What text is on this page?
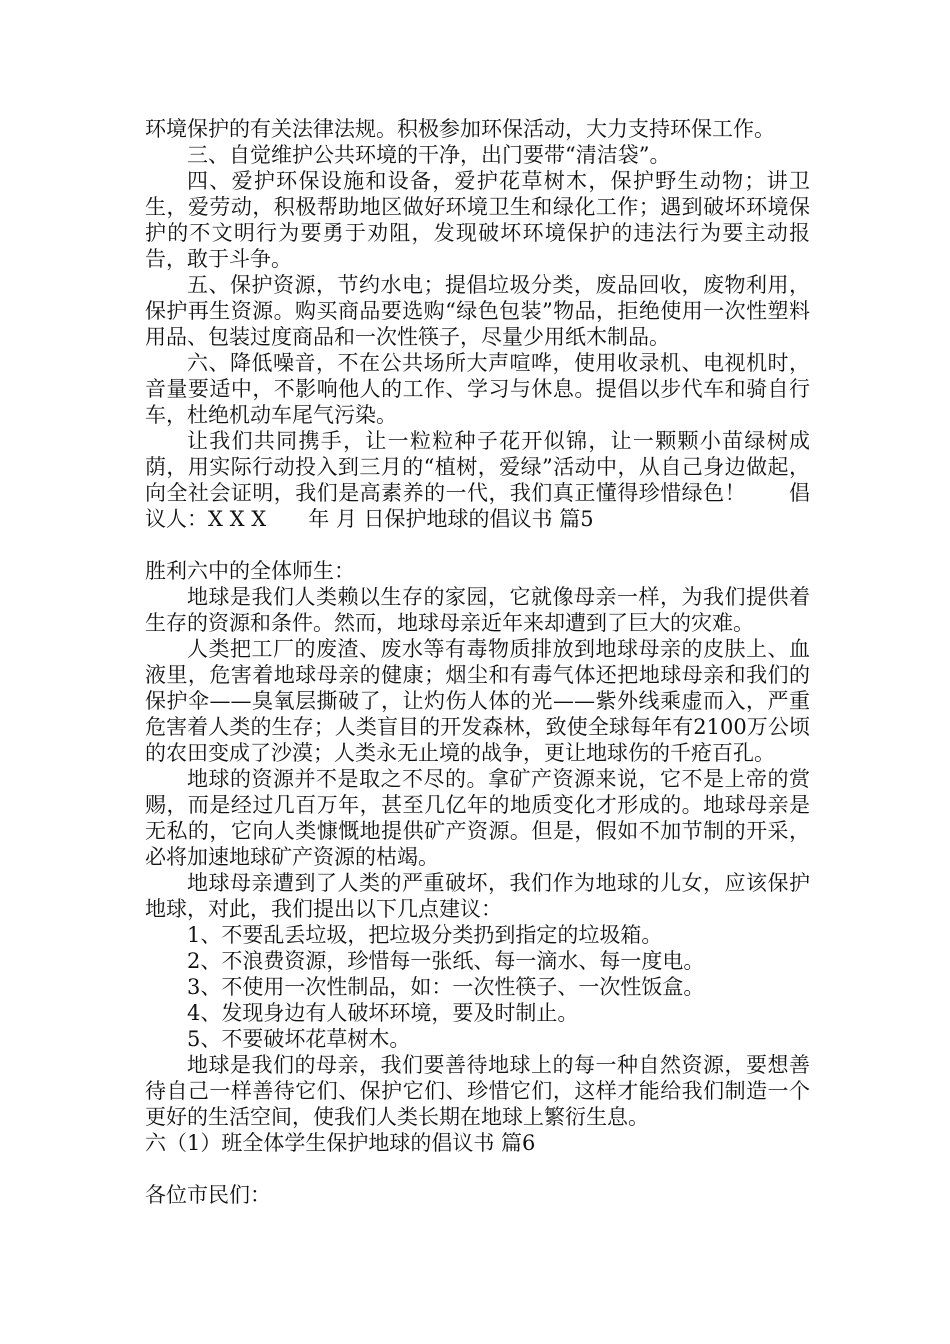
环境保护的有关法律法规。积极参加环保活动，大力支持环保工作。

三、自觉维护公共环境的干净，出门要带“清洁袋”。

四、爱护环保设施和设备，爱护花草树木，保护野生动物；讲卫生，爱劳动，积极帮助地区做好环境卫生和绿化工作；遇到破坏环境保护的不文明行为要勇于劝阻，发现破坏环境保护的违法行为要主动报告，敢于斗争。

五、保护资源，节约水电；提倡垃圾分类，废品回收，废物利用，保护再生资源。购买商品要选购“绿色包装”物品，拒绝使用一次性塑料用品、包装过度商品和一次性筷子，尽量少用纸木制品。

六、降低噪音，不在公共场所大声喧哗，使用收录机、电视机时，音量要适中，不影响他人的工作、学习与休息。提倡以步代车和骑自行车，杜绝机动车尾气污染。

让我们共同携手，让一粒粒种子花开似锦，让一颗颗小苗绿树成荫，用实际行动投入到三月的“植树，爱绿”活动中，从自己身边做起，向全社会证明，我们是高素养的一代，我们真正懂得珍惜绿色！　　倡议人：X X X　　年 月 日保护地球的倡议书 篇5

胜利六中的全体师生：

地球是我们人类赖以生存的家园，它就像母亲一样，为我们提供着生存的资源和条件。然而，地球母亲近年来却遭到了巨大的灾难。

人类把工厂的废渣、废水等有毒物质排放到地球母亲的皮肤上、血液里，危害着地球母亲的健康；烟尘和有毒气体还把地球母亲和我们的保护伞——臭氧层撕破了，让灼伤人体的光——紫外线乘虚而入，严重危害着人类的生存；人类盲目的开发森林，致使全球每年有2100万公顷的农田变成了沙漠；人类永无止境的战争，更让地球伤的千疮百孔。

地球的资源并不是取之不尽的。拿矿产资源来说，它不是上帝的赏赐，而是经过几百万年，甚至几亿年的地质变化才形成的。地球母亲是无私的，它向人类慷慨地提供矿产资源。但是，假如不加节制的开采，必将加速地球矿产资源的枯竭。

地球母亲遭到了人类的严重破坏，我们作为地球的儿女，应该保护地球，对此，我们提出以下几点建议：

1、不要乱丢垃圾，把垃圾分类扔到指定的垃圾箱。

2、不浪费资源，珍惜每一张纸、每一滴水、每一度电。

3、不使用一次性制品，如：一次性筷子、一次性饭盒。

4、发现身边有人破坏环境，要及时制止。

5、不要破坏花草树木。

地球是我们的母亲，我们要善待地球上的每一种自然资源，要想善待自己一样善待它们、保护它们、珍惜它们，这样才能给我们制造一个更好的生活空间，使我们人类长期在地球上繁衍生息。

六（1）班全体学生保护地球的倡议书 篇6

各位市民们：
